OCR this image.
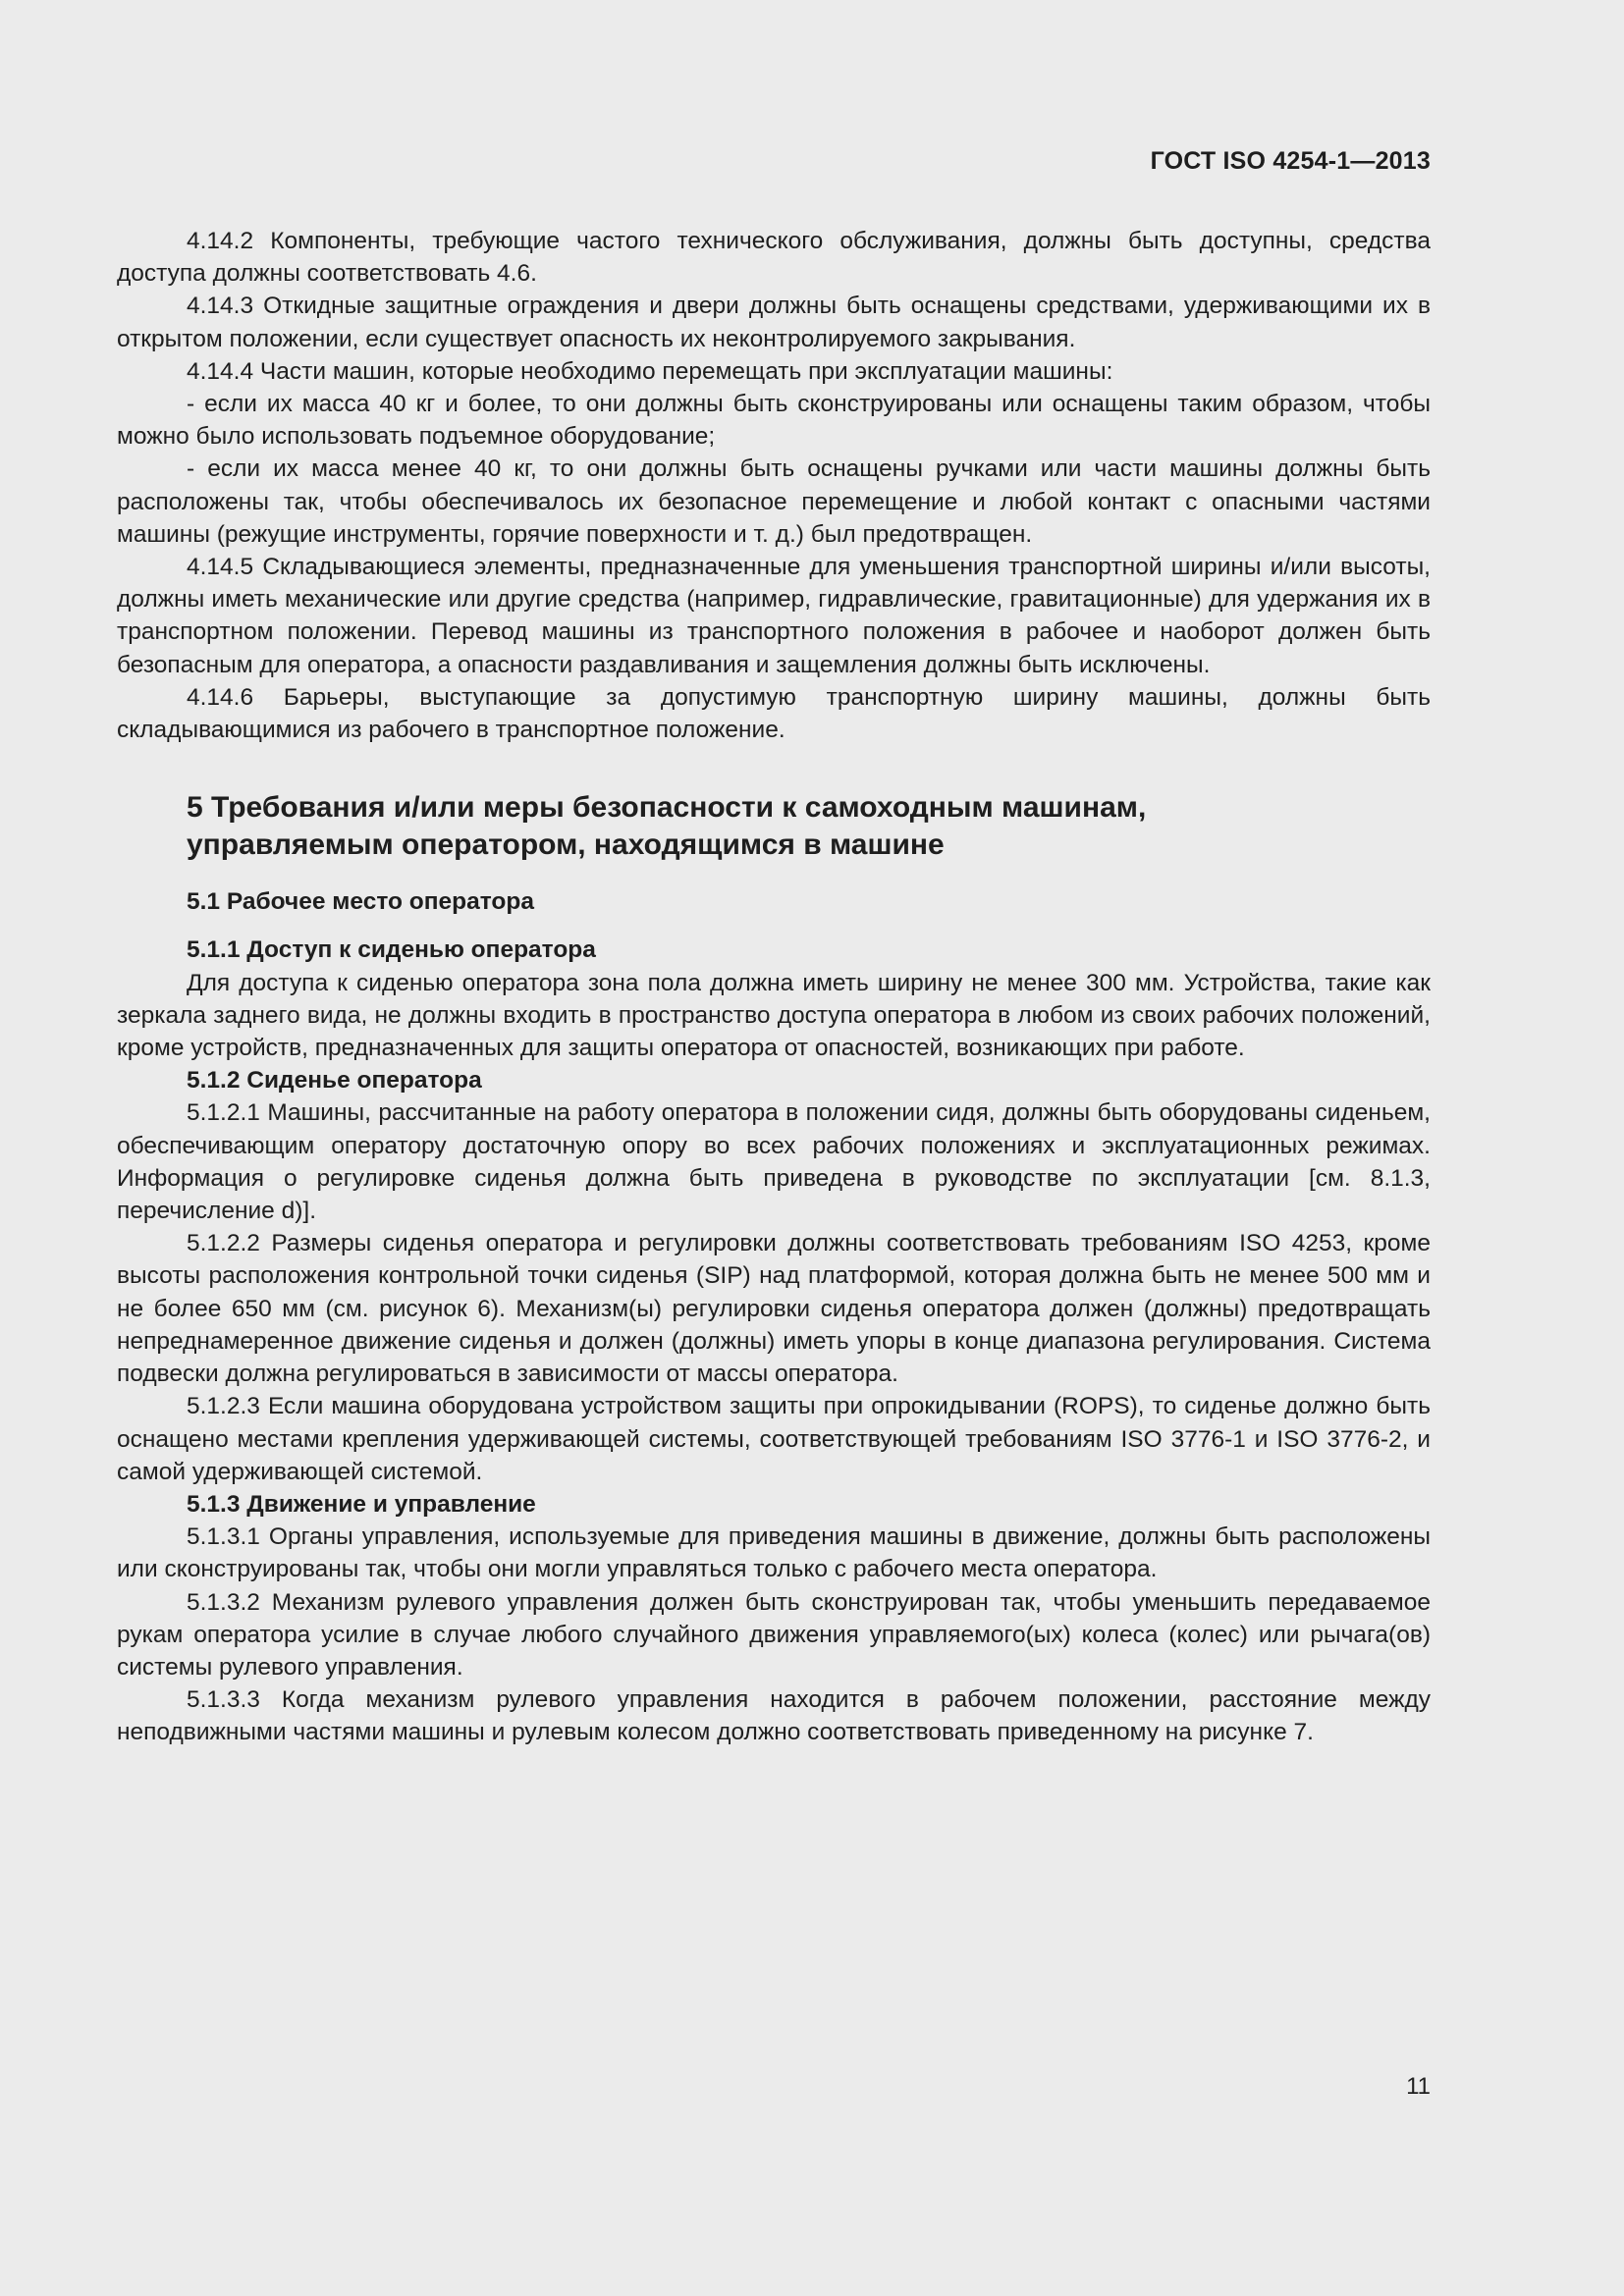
ГОСТ ISO 4254-1—2013

4.14.2 Компоненты, требующие частого технического обслуживания, должны быть доступны, средства доступа должны соответствовать 4.6.

4.14.3 Откидные защитные ограждения и двери должны быть оснащены средствами, удерживающими их в открытом положении, если существует опасность их неконтролируемого закрывания.

4.14.4 Части машин, которые необходимо перемещать при эксплуатации машины:

- если их масса 40 кг и более, то они должны быть сконструированы или оснащены таким образом, чтобы можно было использовать подъемное оборудование;

- если их масса менее 40 кг, то они должны быть оснащены ручками или части машины должны быть расположены так, чтобы обеспечивалось их безопасное перемещение и любой контакт с опасными частями машины (режущие инструменты, горячие поверхности и т. д.) был предотвращен.

4.14.5 Складывающиеся элементы, предназначенные для уменьшения транспортной ширины и/или высоты, должны иметь механические или другие средства (например, гидравлические, гравитационные) для удержания их в транспортном положении. Перевод машины из транспортного положения в рабочее и наоборот должен быть безопасным для оператора, а опасности раздавливания и защемления должны быть исключены.

4.14.6 Барьеры, выступающие за допустимую транспортную ширину машины, должны быть складывающимися из рабочего в транспортное положение.

5 Требования и/или меры безопасности к самоходным машинам,
управляемым оператором, находящимся в машине
5.1 Рабочее место оператора
5.1.1 Доступ к сиденью оператора

Для доступа к сиденью оператора зона пола должна иметь ширину не менее 300 мм. Устройства, такие как зеркала заднего вида, не должны входить в пространство доступа оператора в любом из своих рабочих положений, кроме устройств, предназначенных для защиты оператора от опасностей, возникающих при работе.

5.1.2 Сиденье оператора

5.1.2.1 Машины, рассчитанные на работу оператора в положении сидя, должны быть оборудованы сиденьем, обеспечивающим оператору достаточную опору во всех рабочих положениях и эксплуатационных режимах. Информация о регулировке сиденья должна быть приведена в руководстве по эксплуатации [см. 8.1.3, перечисление d)].

5.1.2.2 Размеры сиденья оператора и регулировки должны соответствовать требованиям ISO 4253, кроме высоты расположения контрольной точки сиденья (SIP) над платформой, которая должна быть не менее 500 мм и не более 650 мм (см. рисунок 6). Механизм(ы) регулировки сиденья оператора должен (должны) предотвращать непреднамеренное движение сиденья и должен (должны) иметь упоры в конце диапазона регулирования. Система подвески должна регулироваться в зависимости от массы оператора.

5.1.2.3 Если машина оборудована устройством защиты при опрокидывании (ROPS), то сиденье должно быть оснащено местами крепления удерживающей системы, соответствующей требованиям ISO 3776-1 и ISO 3776-2, и самой удерживающей системой.

5.1.3 Движение и управление

5.1.3.1 Органы управления, используемые для приведения машины в движение, должны быть расположены или сконструированы так, чтобы они могли управляться только с рабочего места оператора.

5.1.3.2 Механизм рулевого управления должен быть сконструирован так, чтобы уменьшить передаваемое рукам оператора усилие в случае любого случайного движения управляемого(ых) колеса (колес) или рычага(ов) системы рулевого управления.

5.1.3.3 Когда механизм рулевого управления находится в рабочем положении, расстояние между неподвижными частями машины и рулевым колесом должно соответствовать приведенному на рисунке 7.

11
